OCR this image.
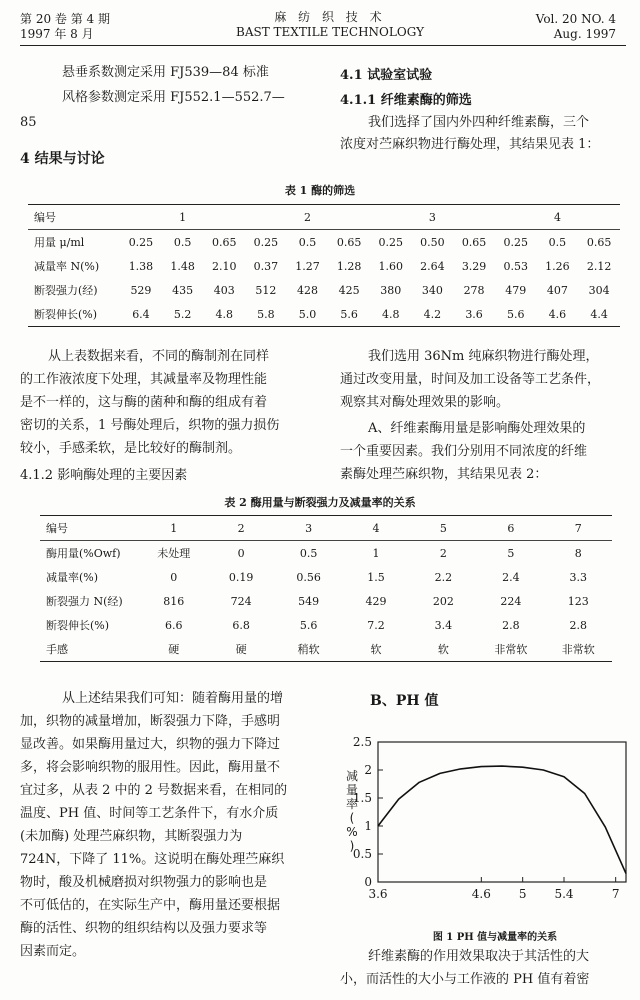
第 20 卷 第 4 期
1997 年 8 月
麻 纺 织 技 术
BAST TEXTILE TECHNOLOGY
Vol. 20 NO. 4
Aug. 1997
悬垂系数测定采用 FJ539—84 标准
风格参数测定采用 FJ552.1—552.7—
85
4 结果与讨论
4.1 试验室试验
4.1.1 纤维素酶的筛选
我们选择了国内外四种纤维素酶，三个
浓度对苎麻织物进行酶处理，其结果见表 1：
表 1 酶的筛选
编号	1			2			3			4		
用量 μ/ml	0.25	0.5	0.65	0.25	0.5	0.65	0.25	0.50	0.65	0.25	0.5	0.65
减量率 N(%)	1.38	1.48	2.10	0.37	1.27	1.28	1.60	2.64	3.29	0.53	1.26	2.12
断裂强力(经)	529	435	403	512	428	425	380	340	278	479	407	304
断裂伸长(%)	6.4	5.2	4.8	5.8	5.0	5.6	4.8	4.2	3.6	5.6	4.6	4.4
从上表数据来看，不同的酶制剂在同样
的工作液浓度下处理，其减量率及物理性能
是不一样的，这与酶的菌种和酶的组成有着
密切的关系，1 号酶处理后，织物的强力损伤
较小，手感柔软，是比较好的酶制剂。
4.1.2 影响酶处理的主要因素
我们选用 36Nm 纯麻织物进行酶处理，
通过改变用量，时间及加工设备等工艺条件，
观察其对酶处理效果的影响。
A、纤维素酶用量是影响酶处理效果的
一个重要因素。我们分别用不同浓度的纤维
素酶处理苎麻织物，其结果见表 2：
表 2 酶用量与断裂强力及减量率的关系
编号	1	2	3	4	5	6	7
酶用量(%Owf)	未处理	0	0.5	1	2	5	8
减量率(%)	0	0.19	0.56	1.5	2.2	2.4	3.3
断裂强力 N(经)	816	724	549	429	202	224	123
断裂伸长(%)	6.6	6.8	5.6	7.2	3.4	2.8	2.8
手感	硬	硬	稍软	软	软	非常软	非常软
从上述结果我们可知：随着酶用量的增
加，织物的减量增加，断裂强力下降，手感明
显改善。如果酶用量过大，织物的强力下降过
多，将会影响织物的服用性。因此，酶用量不
宜过多，从表 2 中的 2 号数据来看，在相同的
温度、PH 值、时间等工艺条件下，有水介质
(未加酶) 处理苎麻织物，其断裂强力为
724N，下降了 11%。这说明在酶处理苎麻织
物时，酸及机械磨损对织物强力的影响也是
不可低估的，在实际生产中，酶用量还要根据
酶的活性、织物的组织结构以及强力要求等
因素而定。
B、PH 值
0
0.5
1
1.5
2
2.5
3.6	4.6 5 5.4	7
减
量
率
(
%
)
图 1 PH 值与减量率的关系
纤维素酶的作用效果取决于其活性的大
小，而活性的大小与工作液的 PH 值有着密
